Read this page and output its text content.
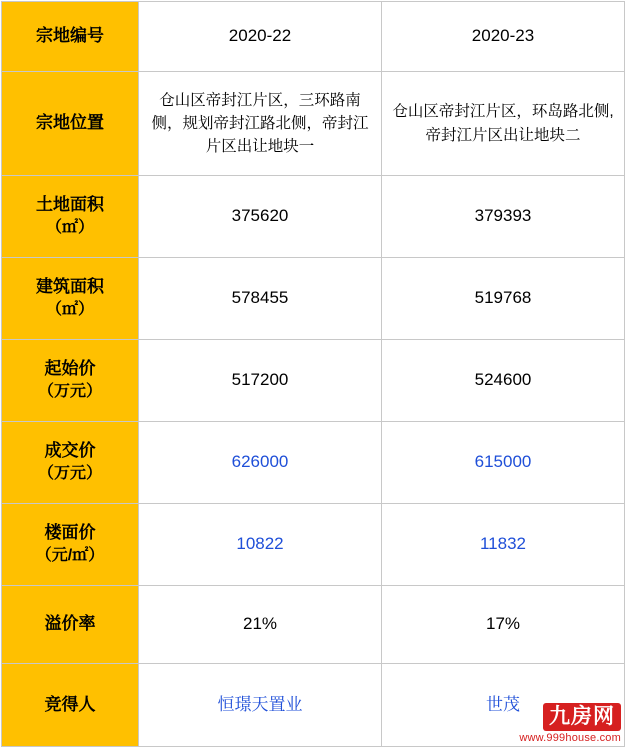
宗地编号	2020-22	2020-23
宗地位置	仓山区帝封江片区，三环路南侧，规划帝封江路北侧，帝封江片区出让地块一	仓山区帝封江片区，环岛路北侧,帝封江片区出让地块二
土地面积
（㎡）	375620	379393
建筑面积
（㎡）	578455	519768
起始价
（万元）	517200	524600
成交价
（万元）	626000	615000
楼面价
（元/㎡）	10822	11832
溢价率	21%	17%
竞得人	恒璟天置业	世茂	九房网
www.999house.com
